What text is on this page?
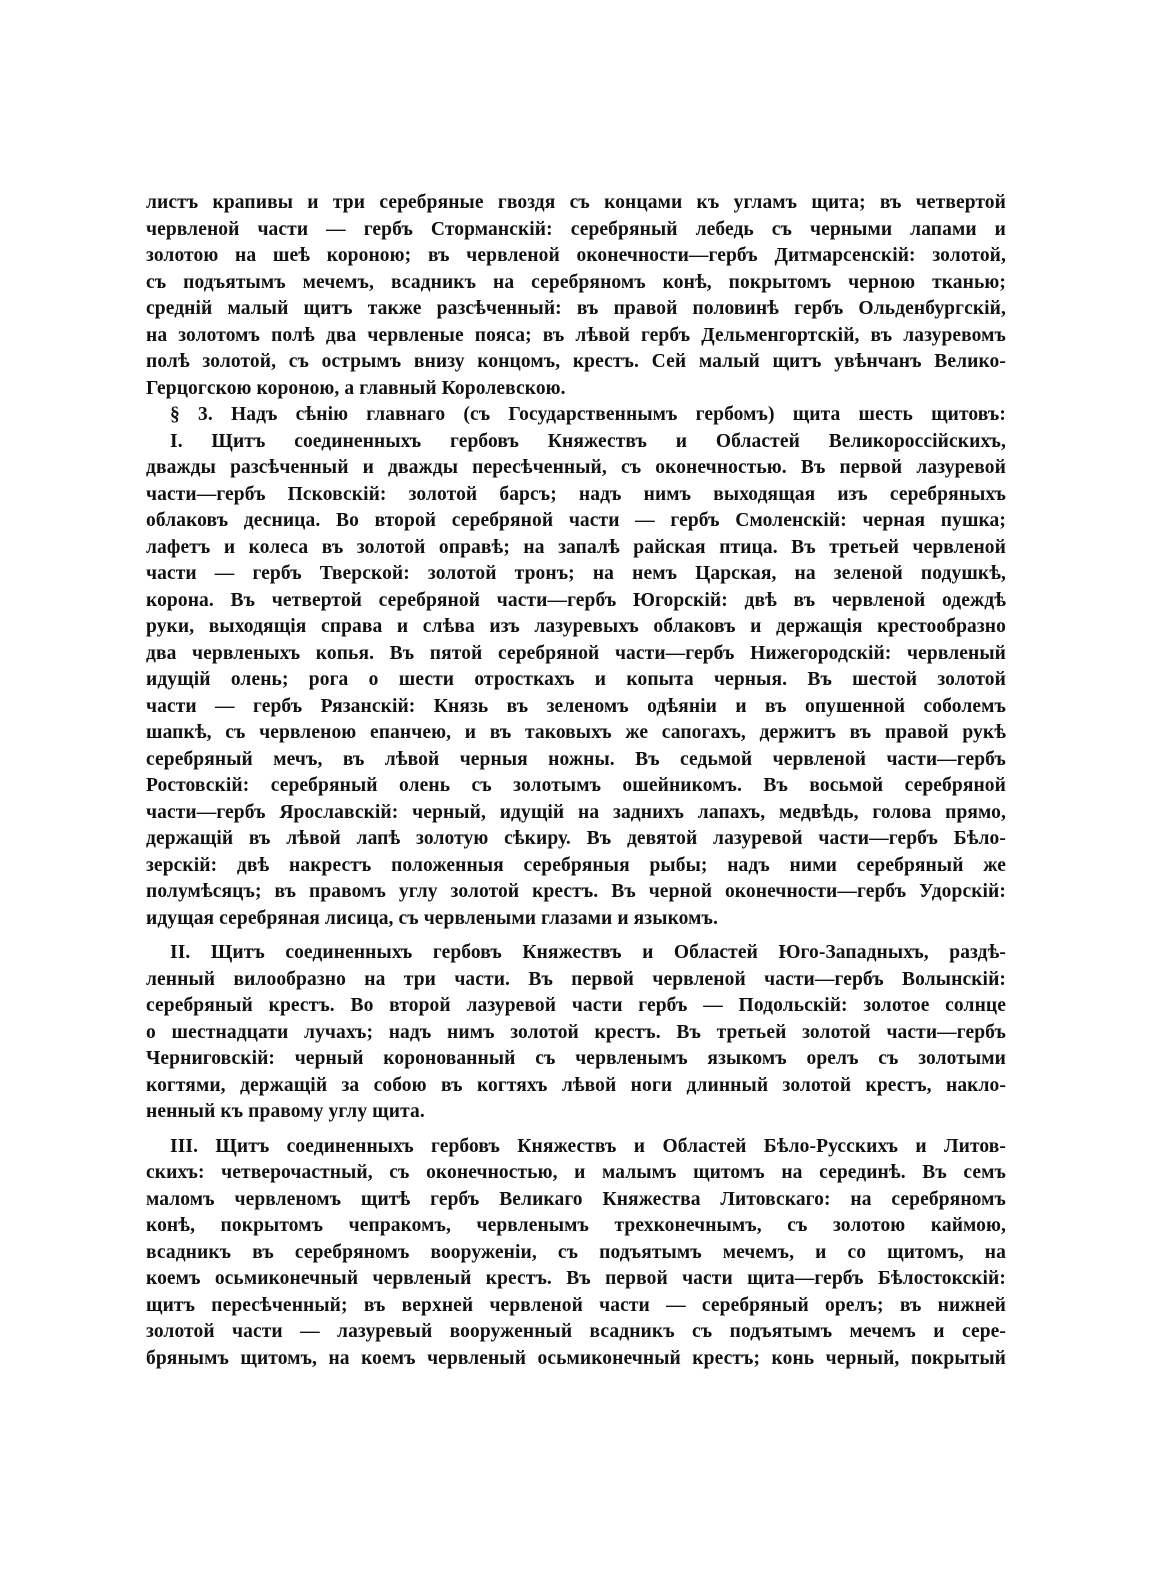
листъ крапивы и три серебряные гвоздя съ концами къ угламъ щита; въ четвертой
червленой части — гербъ Сторманскій: серебряный лебедь съ черными лапами и
золотою на шеѣ короною; въ червленой оконечности—гербъ Дитмарсенскій: золотой,
съ подъятымъ мечемъ, всадникъ на серебряномъ конѣ, покрытомъ черною тканью;
средній малый щитъ также разсѣченный: въ правой половинѣ гербъ Ольденбургскій,
на золотомъ полѣ два червленые пояса; въ лѣвой гербъ Дельменгортскій, въ лазуревомъ
полѣ золотой, съ острымъ внизу концомъ, крестъ. Сей малый щитъ увѣнчанъ Велико-
Герцогскою короною, а главный Королевскою.
§ 3. Надъ сѣнію главнаго (съ Государственнымъ гербомъ) щита шесть щитовъ:
I. Щитъ соединенныхъ гербовъ Княжествъ и Областей Великороссійскихъ,
дважды разсѣченный и дважды пересѣченный, съ оконечностью. Въ первой лазуревой
части—гербъ Псковскій: золотой барсъ; надъ нимъ выходящая изъ серебряныхъ
облаковъ десница. Во второй серебряной части — гербъ Смоленскій: черная пушка;
лафетъ и колеса въ золотой оправѣ; на запалѣ райская птица. Въ третьей червленой
части — гербъ Тверской: золотой тронъ; на немъ Царская, на зеленой подушкѣ,
корона. Въ четвертой серебряной части—гербъ Югорскій: двѣ въ червленой одеждѣ
руки, выходящія справа и слѣва изъ лазуревыхъ облаковъ и держащія крестообразно
два червленыхъ копья. Въ пятой серебряной части—гербъ Нижегородскій: червленый
идущій олень; рога о шести отросткахъ и копыта черныя. Въ шестой золотой
части — гербъ Рязанскій: Князь въ зеленомъ одѣяніи и въ опушенной соболемъ
шапкѣ, съ червленою епанчею, и въ таковыхъ же сапогахъ, держитъ въ правой рукѣ
серебряный мечъ, въ лѣвой черныя ножны. Въ седьмой червленой части—гербъ
Ростовскій: серебряный олень съ золотымъ ошейникомъ. Въ восьмой серебряной
части—гербъ Ярославскій: черный, идущій на заднихъ лапахъ, медвѣдь, голова прямо,
держащій въ лѣвой лапѣ золотую сѣкиру. Въ девятой лазуревой части—гербъ Бѣло-
зерскій: двѣ накрестъ положенныя серебряныя рыбы; надъ ними серебряный же
полумѣсяцъ; въ правомъ углу золотой крестъ. Въ черной оконечности—гербъ Удорскій:
идущая серебряная лисица, съ червлеными глазами и языкомъ.
II. Щитъ соединенныхъ гербовъ Княжествъ и Областей Юго-Западныхъ, раздѣ-
ленный вилообразно на три части. Въ первой червленой части—гербъ Волынскій:
серебряный крестъ. Во второй лазуревой части гербъ — Подольскій: золотое солнце
о шестнадцати лучахъ; надъ нимъ золотой крестъ. Въ третьей золотой части—гербъ
Черниговскій: черный коронованный съ червленымъ языкомъ орелъ съ золотыми
когтями, держащій за собою въ когтяхъ лѣвой ноги длинный золотой крестъ, накло-
ненный къ правому углу щита.
III. Щитъ соединенныхъ гербовъ Княжествъ и Областей Бѣло-Русскихъ и Литов-
скихъ: четверочастный, съ оконечностью, и малымъ щитомъ на серединѣ. Въ семъ
маломъ червленомъ щитѣ гербъ Великаго Княжества Литовскаго: на серебряномъ
конѣ, покрытомъ чепракомъ, червленымъ трехконечнымъ, съ золотою каймою,
всадникъ въ серебряномъ вооруженіи, съ подъятымъ мечемъ, и со щитомъ, на
коемъ осьмиконечный червленый крестъ. Въ первой части щита—гербъ Бѣлостокскій:
щитъ пересѣченный; въ верхней червленой части — серебряный орелъ; въ нижней
золотой части — лазуревый вооруженный всадникъ съ подъятымъ мечемъ и сере-
брянымъ щитомъ, на коемъ червленый осьмиконечный крестъ; конь черный, покрытый
